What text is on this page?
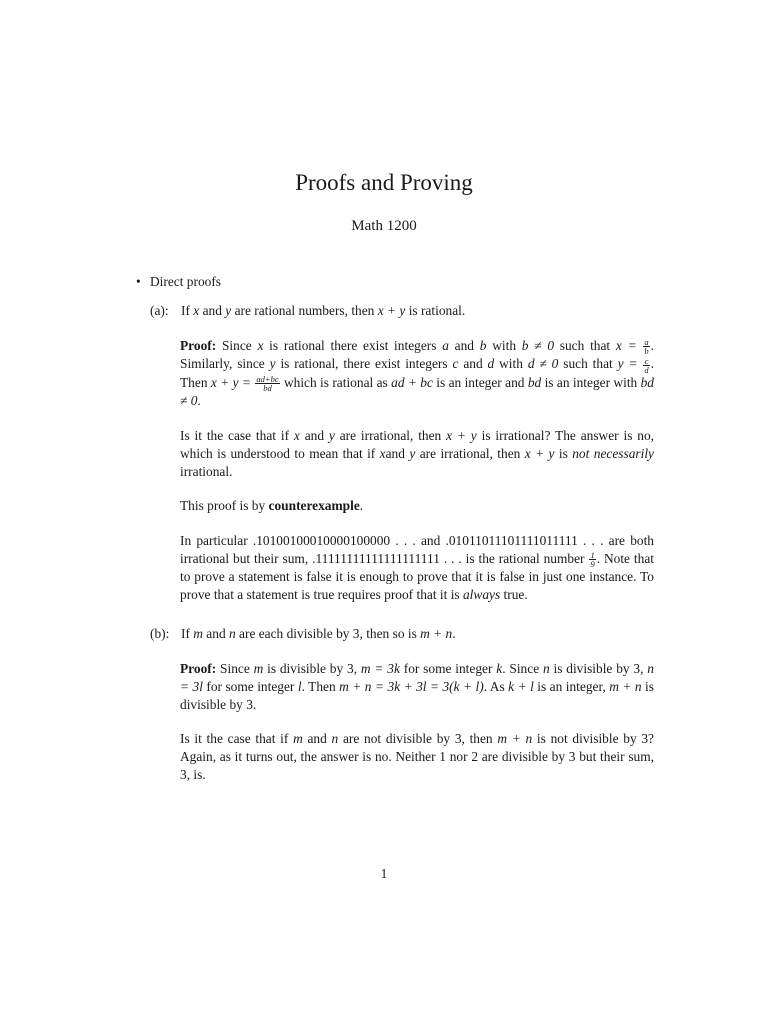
Proofs and Proving
Math 1200
• Direct proofs

(a): If x and y are rational numbers, then x + y is rational.

Proof: Since x is rational there exist integers a and b with b ≠ 0 such that $x = \frac{a}{b}$ . Similarly, since y is rational, there exist integers c and d with d ≠ 0 such that $y = \frac{c}{d}$ . Then $x + y = \frac{ad+bc}{bd}$ which is rational as ad + bc is an integer and bd is an integer with bd ≠ 0.

Is it the case that if x and y are irrational, then x + y is irrational? The answer is no, which is understood to mean that if xand y are irrational, then x + y is not necessarily irrational.

This proof is by counterexample.

In particular .10100100010000100000 . . . and .01011011101111011111 . . . are both irrational but their sum, .11111111111111111111 . . . is the rational number $\frac{1}{9}$ . Note that to prove a statement is false it is enough to prove that it is false in just one instance. To prove that a statement is true requires proof that it is always true.

(b): If m and n are each divisible by 3, then so is m + n.

Proof: Since m is divisible by 3, m = 3k for some integer k. Since n is divisible by 3, n = 3l for some integer l. Then m + n = 3k + 3l = 3(k + l). As k + l is an integer, m + n is divisible by 3.

Is it the case that if m and n are not divisible by 3, then m + n is not divisible by 3? Again, as it turns out, the answer is no. Neither 1 nor 2 are divisible by 3 but their sum, 3, is.

1
